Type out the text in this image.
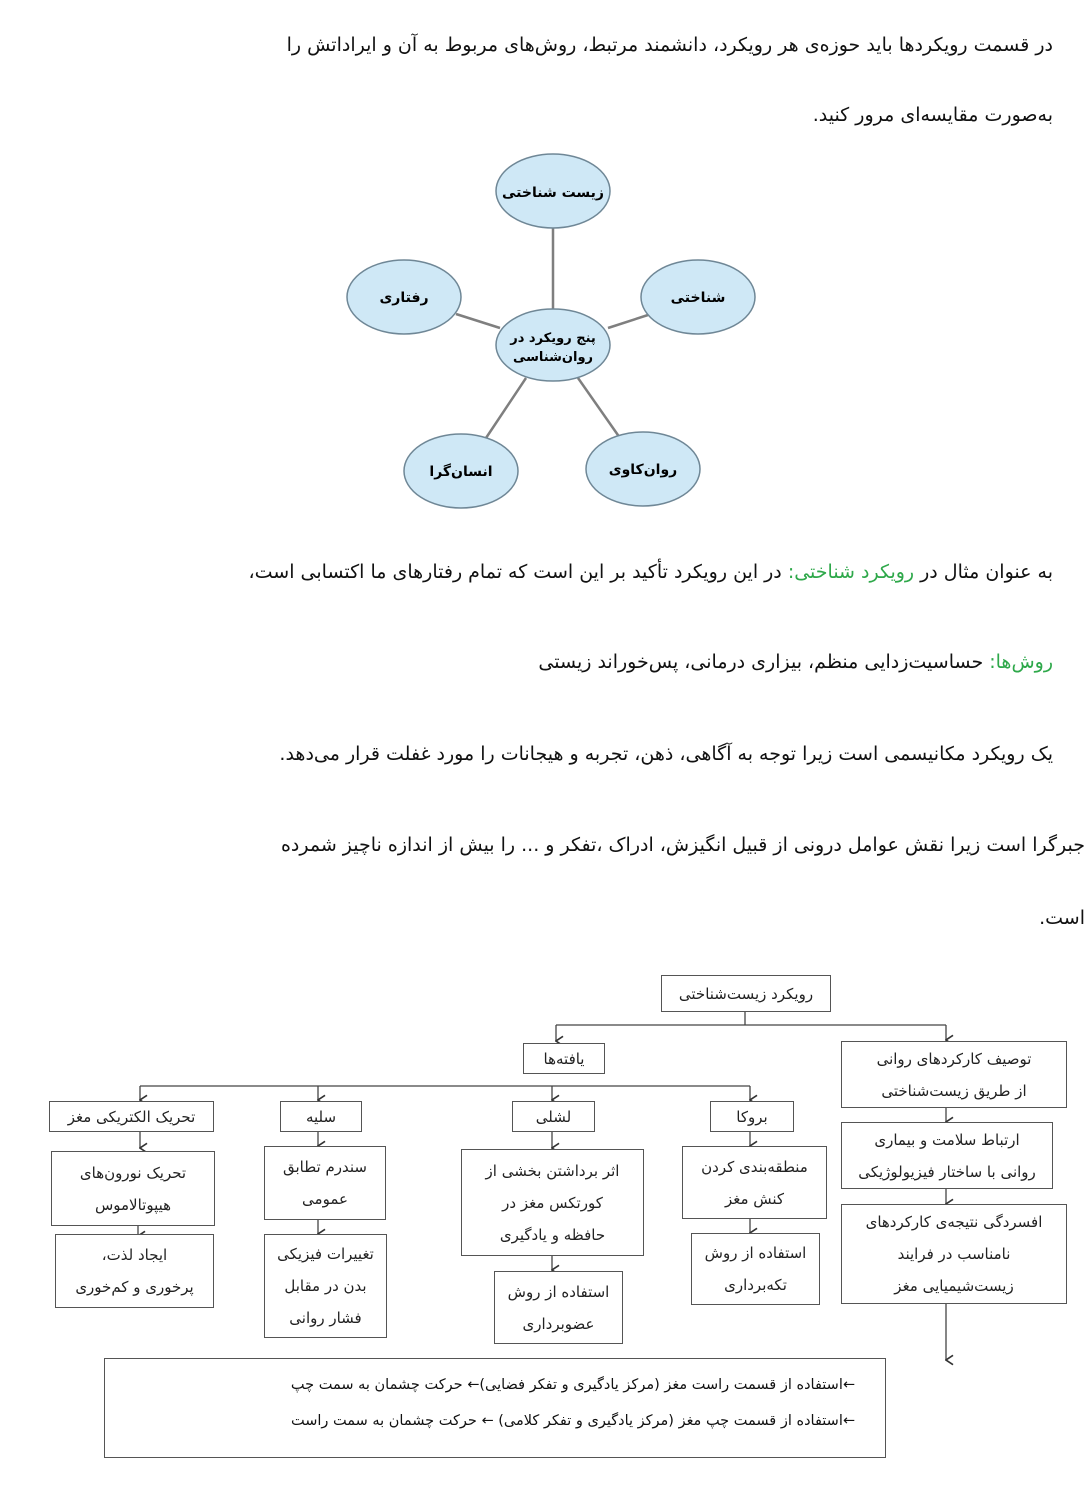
در قسمت رویکردها باید حوزه‌ی هر رویکرد، دانشمند مرتبط، روش‌های مربوط به آن و ایراداتش را
به‌صورت مقایسه‌ای مرور کنید.
زیست شناختی
رفتاری	شناختی
پنج رویکرد در
روان‌شناسی
انسان‌گرا	روان‌کاوی
به عنوان مثال در رویکرد شناختی: در این رویکرد تأکید بر این است که تمام رفتارهای ما اکتسابی است،
روش‌ها: حساسیت‌زدایی منظم، بیزاری درمانی، پس‌خوراند زیستی
یک رویکرد مکانیسمی است زیرا توجه به آگاهی، ذهن، تجربه و هیجانات را مورد غفلت قرار می‌دهد.
جبرگرا است زیرا نقش عوامل درونی از قبیل انگیزش، ادراک ،تفکر و ... را بیش از اندازه ناچیز شمرده
است.
رویکرد زیست‌شناختی
یافته‌ها	توصیف کارکردهای روانی
از طریق زیست‌شناختی
ارتباط سلامت و بیماری
روانی با ساختار فیزیولوژیکی
افسردگی نتیجه‌ی کارکردهای
نامناسب در فرایند
زیست‌شیمیایی مغز
بروکا
منطقه‌بندی کردن
کنش مغز
استفاده از روش
تکه‌برداری
لشلی
اثر برداشتن بخشی از
کورتکس مغز در
حافظه و یادگیری
استفاده از روش
عضوبرداری
سلیه
سندرم تطابق
عمومی
تغییرات فیزیکی
بدن در مقابل
فشار روانی
تحریک الکتریکی مغز
تحریک نورون‌های
هیپوتالاموس
ایجاد لذت،
پرخوری و کم‌خوری
←استفاده از قسمت راست مغز (مرکز یادگیری و تفکر فضایی)← حرکت چشمان به سمت چپ
←استفاده از قسمت چپ مغز (مرکز یادگیری و تفکر کلامی) ← حرکت چشمان به سمت راست
